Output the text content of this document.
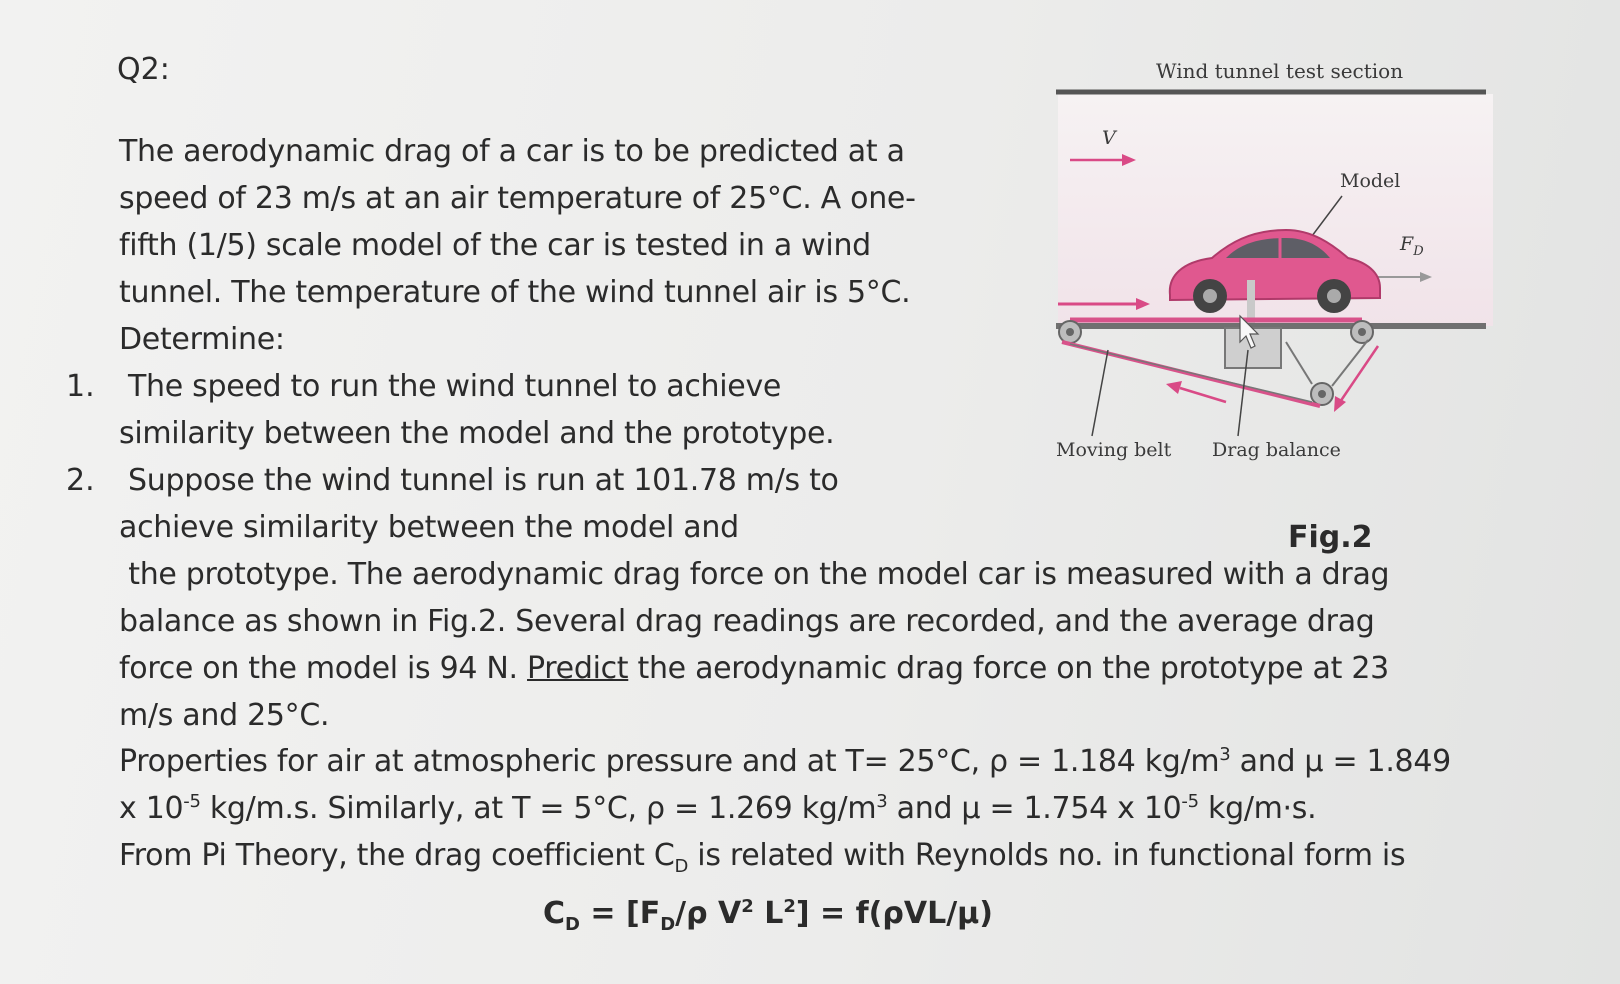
Q2:
The aerodynamic drag of a car is to be predicted at a
speed of 23 m/s at an air temperature of 25°C. A one-
fifth (1/5) scale model of the car is tested in a wind
tunnel. The temperature of the wind tunnel air is 5°C.
Determine:
1. The speed to run the wind tunnel to achieve
similarity between the model and the prototype.
2. Suppose the wind tunnel is run at 101.78 m/s to
achieve similarity between the model and
the prototype. The aerodynamic drag force on the model car is measured with a drag
balance as shown in Fig.2. Several drag readings are recorded, and the average drag
force on the model is 94 N. Predict the aerodynamic drag force on the prototype at 23
m/s and 25°C.
Properties for air at atmospheric pressure and at T= 25°C, ρ = 1.184 $kg/m^3$ and μ = 1.849
x $10^{-5}$ kg/m.s. Similarly, at T = 5°C, ρ = 1.269 $kg/m^3$ and μ = 1.754 x $10^{-5}$ kg/m·s.
From Pi Theory, the drag coefficient $C_D$ is related with Reynolds no. in functional form is
$C_D = [F_D/\rho$ $V^2$ $L^2] = f(\rho VL/\mu)$
Fig.2
Wind tunnel test section
V
Model
$F_D$
Moving belt Drag balance
